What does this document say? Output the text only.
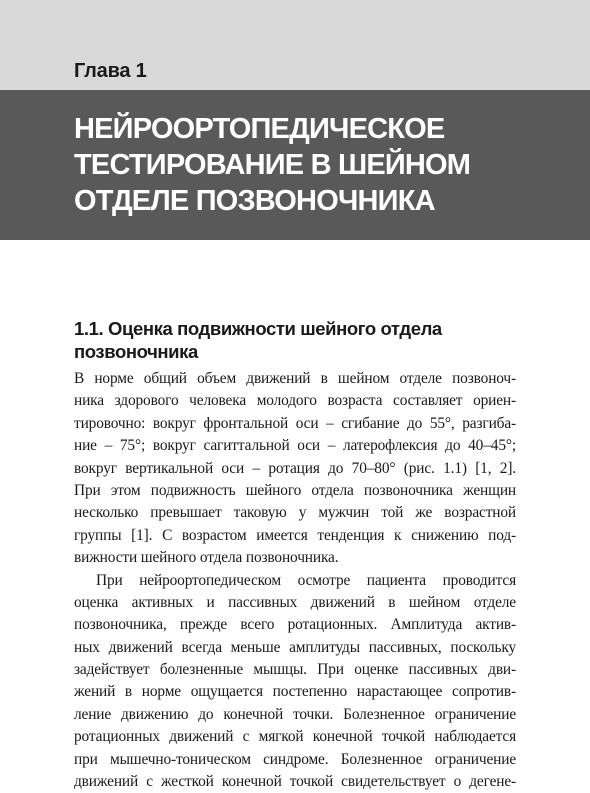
Глава 1
НЕЙРООРТОПЕДИЧЕСКОЕ
ТЕСТИРОВАНИЕ В ШЕЙНОМ
ОТДЕЛЕ ПОЗВОНОЧНИКА
1.1. Оценка подвижности шейного отдела
позвоночника
В норме общий объем движений в шейном отделе позвоноч-
ника здорового человека молодого возраста составляет ориен-
тировочно: вокруг фронтальной оси – сгибание до 55°, разгиба-
ние – 75°; вокруг сагиттальной оси – латерофлексия до 40–45°;
вокруг вертикальной оси – ротация до 70–80° (рис. 1.1) [1, 2].
При этом подвижность шейного отдела позвоночника женщин
несколько превышает таковую у мужчин той же возрастной
группы [1]. С возрастом имеется тенденция к снижению под-
вижности шейного отдела позвоночника.
При нейроортопедическом осмотре пациента проводится
оценка активных и пассивных движений в шейном отделе
позвоночника, прежде всего ротационных. Амплитуда актив-
ных движений всегда меньше амплитуды пассивных, поскольку
задействует болезненные мышцы. При оценке пассивных дви-
жений в норме ощущается постепенно нарастающее сопротив-
ление движению до конечной точки. Болезненное ограничение
ротационных движений с мягкой конечной точкой наблюдается
при мышечно-тоническом синдроме. Болезненное ограничение
движений с жесткой конечной точкой свидетельствует о дегене-
